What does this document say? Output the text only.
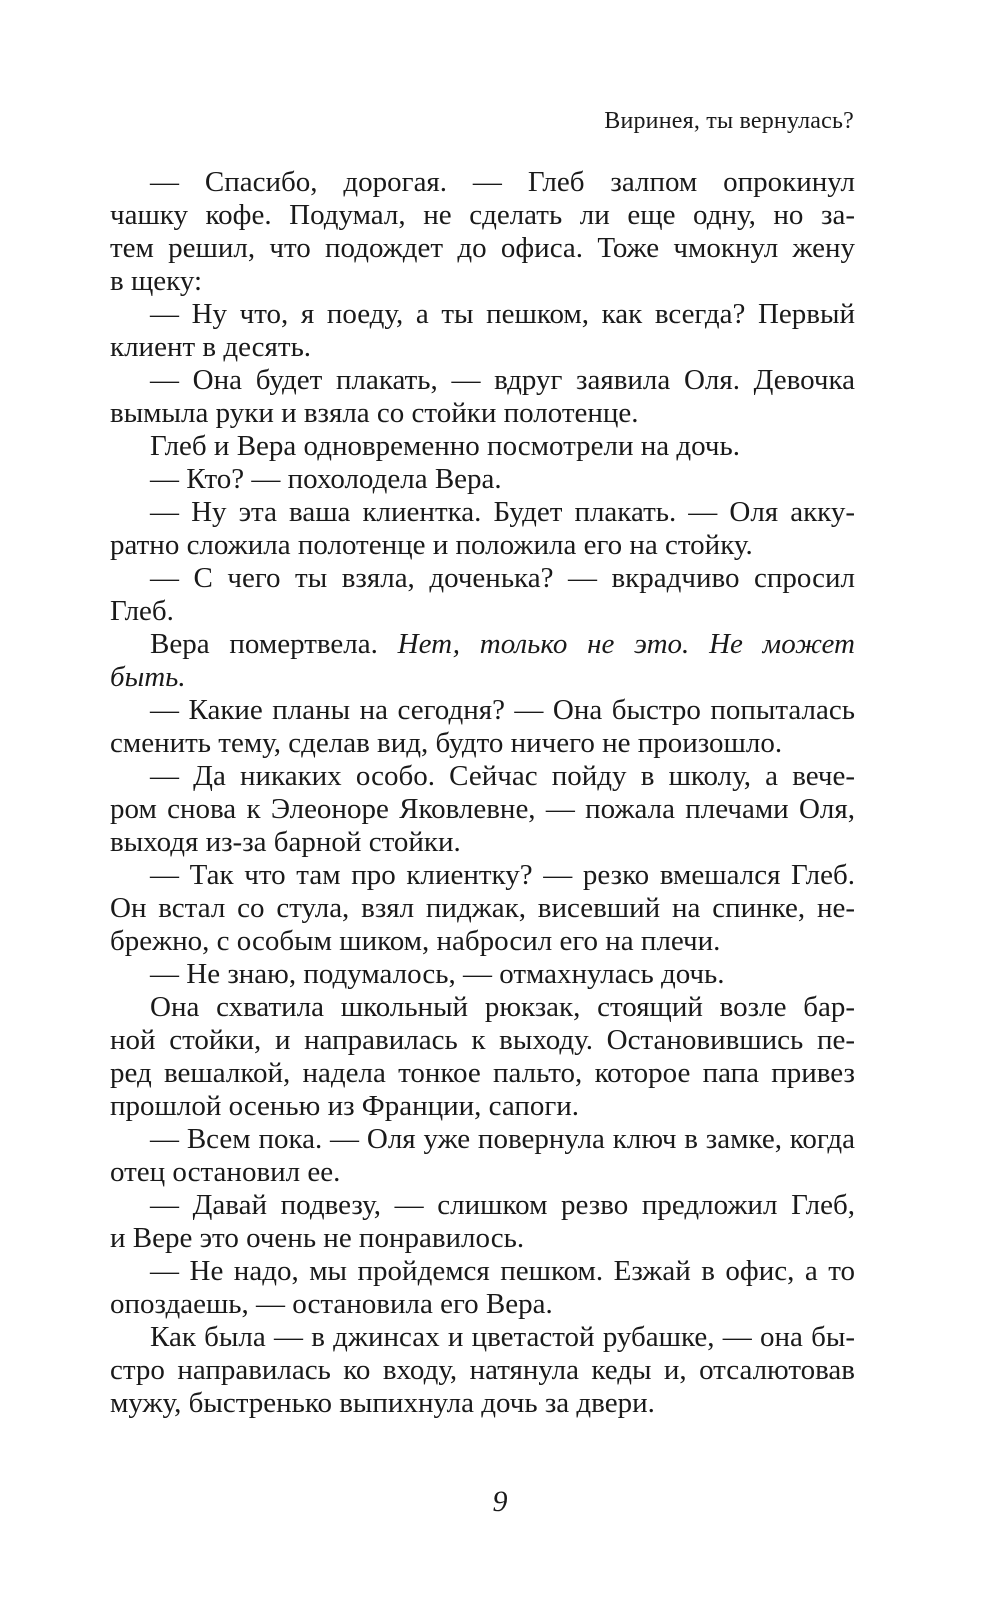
Виринея, ты вернулась?
— Спасибо, дорогая. — Глеб залпом опрокинул
чашку кофе. Подумал, не сделать ли еще одну, но за-
тем решил, что подождет до офиса. Тоже чмокнул жену
в щеку:
— Ну что, я поеду, а ты пешком, как всегда? Первый
клиент в десять.
— Она будет плакать, — вдруг заявила Оля. Девочка
вымыла руки и взяла со стойки полотенце.
Глеб и Вера одновременно посмотрели на дочь.
— Кто? — похолодела Вера.
— Ну эта ваша клиентка. Будет плакать. — Оля акку-
ратно сложила полотенце и положила его на стойку.
— С чего ты взяла, доченька? — вкрадчиво спросил
Глеб.
Вера помертвела. Нет, только не это. Не может
быть.
— Какие планы на сегодня? — Она быстро попыталась
сменить тему, сделав вид, будто ничего не произошло.
— Да никаких особо. Сейчас пойду в школу, а вече-
ром снова к Элеоноре Яковлевне, — пожала плечами Оля,
выходя из-за барной стойки.
— Так что там про клиентку? — резко вмешался Глеб.
Он встал со стула, взял пиджак, висевший на спинке, не-
брежно, с особым шиком, набросил его на плечи.
— Не знаю, подумалось, — отмахнулась дочь.
Она схватила школьный рюкзак, стоящий возле бар-
ной стойки, и направилась к выходу. Остановившись пе-
ред вешалкой, надела тонкое пальто, которое папа привез
прошлой осенью из Франции, сапоги.
— Всем пока. — Оля уже повернула ключ в замке, когда
отец остановил ее.
— Давай подвезу, — слишком резво предложил Глеб,
и Вере это очень не понравилось.
— Не надо, мы пройдемся пешком. Езжай в офис, а то
опоздаешь, — остановила его Вера.
Как была — в джинсах и цветастой рубашке, — она бы-
стро направилась ко входу, натянула кеды и, отсалютовав
мужу, быстренько выпихнула дочь за двери.
9
